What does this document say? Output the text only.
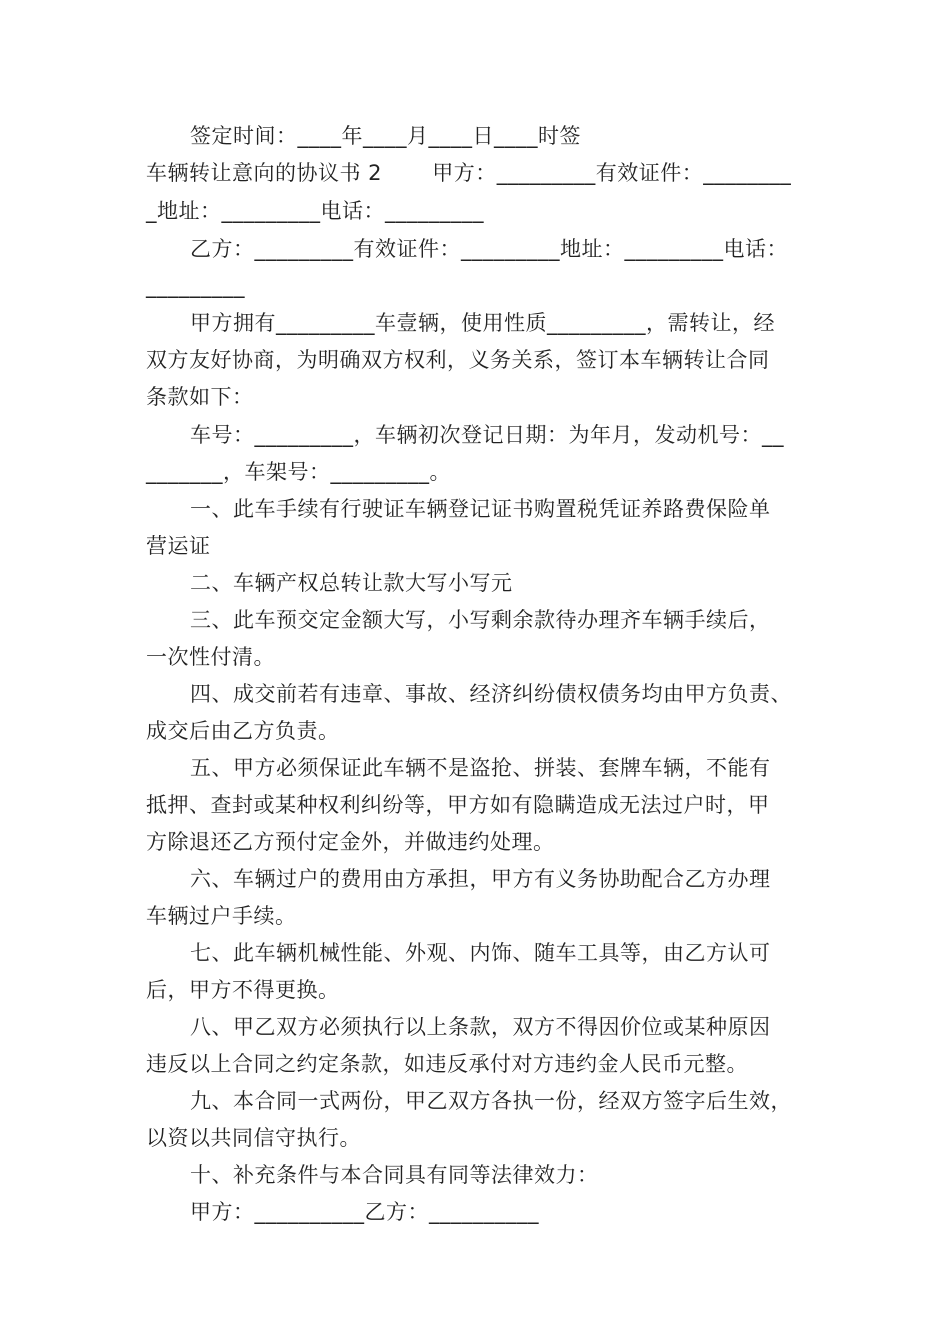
签定时间：____年____月____日____时签
车辆转让意向的协议书 2       甲方：_________有效证件：________
_地址：_________电话：_________
乙方：_________有效证件：_________地址：_________电话：
_________
甲方拥有_________车壹辆，使用性质_________，需转让，经
双方友好协商，为明确双方权利，义务关系，签订本车辆转让合同
条款如下：
车号：_________，车辆初次登记日期：为年月，发动机号：__
_______，车架号：_________。
一、此车手续有行驶证车辆登记证书购置税凭证养路费保险单
营运证
二、车辆产权总转让款大写小写元
三、此车预交定金额大写，小写剩余款待办理齐车辆手续后，
一次性付清。
四、成交前若有违章、事故、经济纠纷债权债务均由甲方负责、
成交后由乙方负责。
五、甲方必须保证此车辆不是盗抢、拼装、套牌车辆，不能有
抵押、查封或某种权利纠纷等，甲方如有隐瞒造成无法过户时，甲
方除退还乙方预付定金外，并做违约处理。
六、车辆过户的费用由方承担，甲方有义务协助配合乙方办理
车辆过户手续。
七、此车辆机械性能、外观、内饰、随车工具等，由乙方认可
后，甲方不得更换。
八、甲乙双方必须执行以上条款，双方不得因价位或某种原因
违反以上合同之约定条款，如违反承付对方违约金人民币元整。
九、本合同一式两份，甲乙双方各执一份，经双方签字后生效，
以资以共同信守执行。
十、补充条件与本合同具有同等法律效力：
甲方：__________乙方：__________
